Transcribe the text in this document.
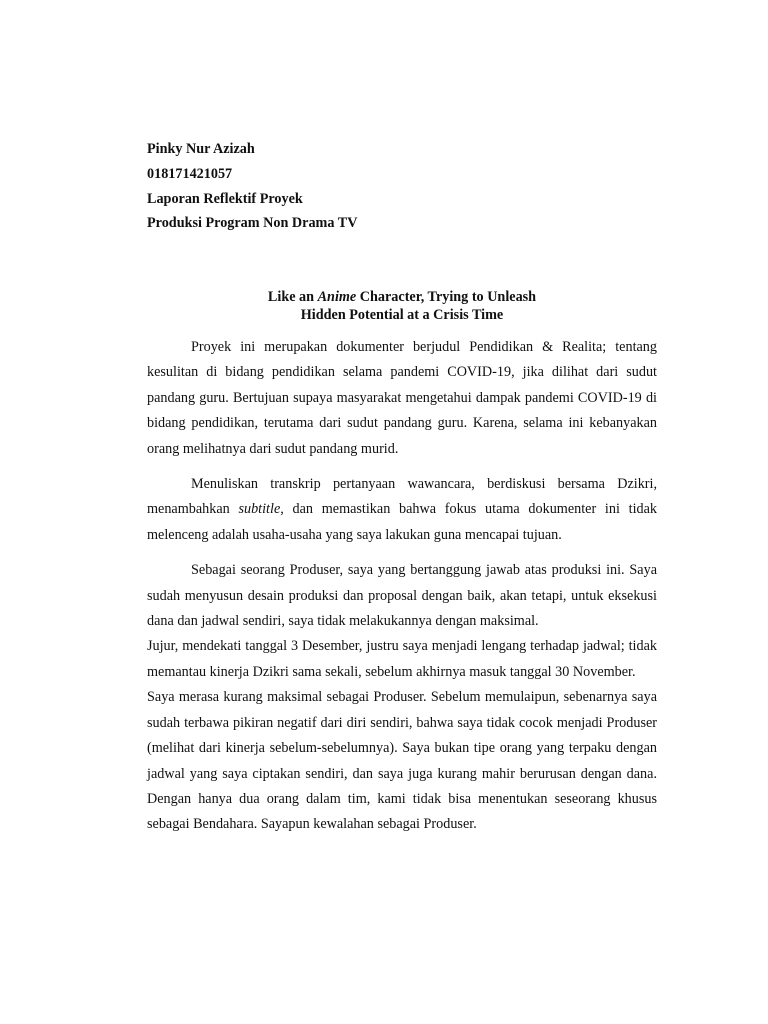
Pinky Nur Azizah

018171421057

Laporan Reflektif Proyek

Produksi Program Non Drama TV

Like an Anime Character, Trying to Unleash
Hidden Potential at a Crisis Time

Proyek ini merupakan dokumenter berjudul Pendidikan & Realita; tentang kesulitan di bidang pendidikan selama pandemi COVID-19, jika dilihat dari sudut pandang guru. Bertujuan supaya masyarakat mengetahui dampak pandemi COVID-19 di bidang pendidikan, terutama dari sudut pandang guru. Karena, selama ini kebanyakan orang melihatnya dari sudut pandang murid.

Menuliskan transkrip pertanyaan wawancara, berdiskusi bersama Dzikri, menambahkan subtitle, dan memastikan bahwa fokus utama dokumenter ini tidak melenceng adalah usaha-usaha yang saya lakukan guna mencapai tujuan.

Sebagai seorang Produser, saya yang bertanggung jawab atas produksi ini. Saya sudah menyusun desain produksi dan proposal dengan baik, akan tetapi, untuk eksekusi dana dan jadwal sendiri, saya tidak melakukannya dengan maksimal.

Jujur, mendekati tanggal 3 Desember, justru saya menjadi lengang terhadap jadwal; tidak memantau kinerja Dzikri sama sekali, sebelum akhirnya masuk tanggal 30 November.

Saya merasa kurang maksimal sebagai Produser. Sebelum memulaipun, sebenarnya saya sudah terbawa pikiran negatif dari diri sendiri, bahwa saya tidak cocok menjadi Produser (melihat dari kinerja sebelum-sebelumnya). Saya bukan tipe orang yang terpaku dengan jadwal yang saya ciptakan sendiri, dan saya juga kurang mahir berurusan dengan dana. Dengan hanya dua orang dalam tim, kami tidak bisa menentukan seseorang khusus sebagai Bendahara. Sayapun kewalahan sebagai Produser.
